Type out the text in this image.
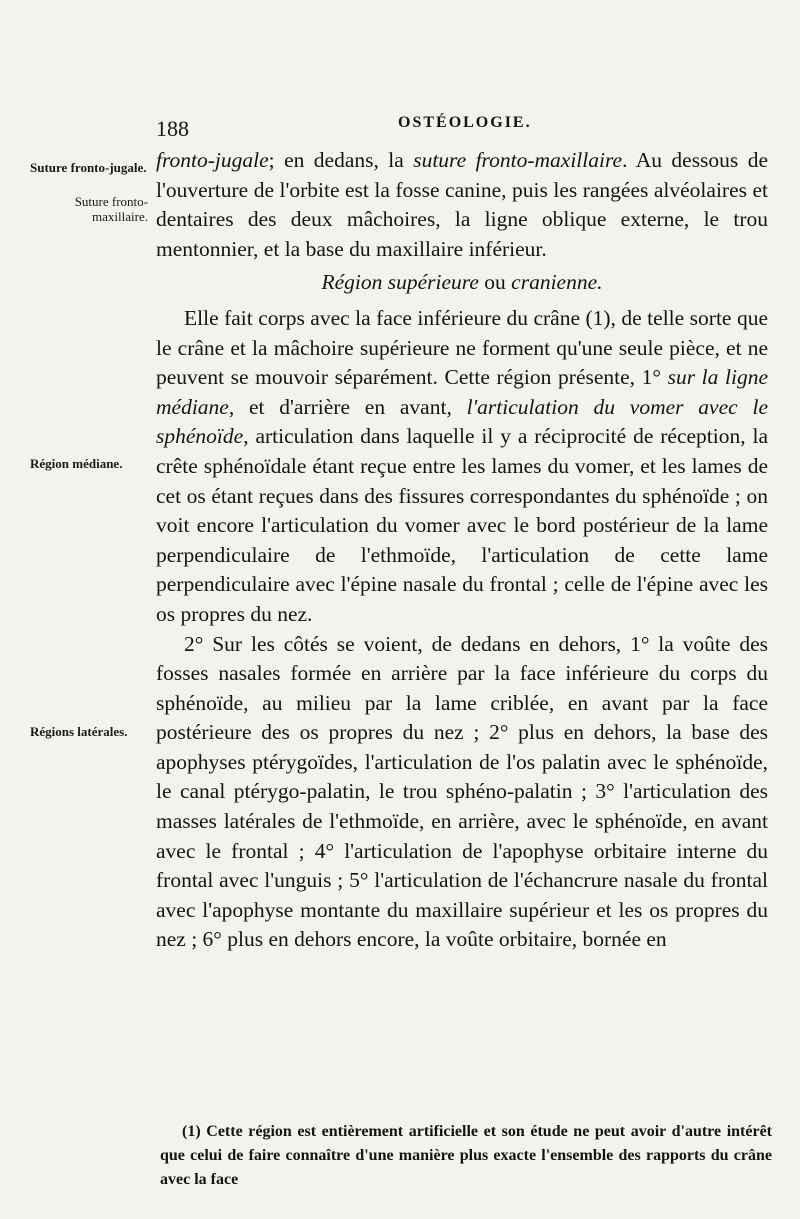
188	OSTÉOLOGIE.
Suture fronto-jugale.
Suture fronto-maxillaire.
Région médiane.
Régions latérales.

fronto-jugale; en dedans, la suture fronto-maxillaire. Au dessous de l'ouverture de l'orbite est la fosse canine, puis les rangées alvéolaires et dentaires des deux mâchoires, la ligne oblique externe, le trou mentonnier, et la base du maxillaire inférieur.

Région supérieure ou cranienne.

Elle fait corps avec la face inférieure du crâne (1), de telle sorte que le crâne et la mâchoire supérieure ne forment qu'une seule pièce, et ne peuvent se mouvoir séparément. Cette région présente, 1° sur la ligne médiane, et d'arrière en avant, l'articulation du vomer avec le sphénoïde, articulation dans laquelle il y a réciprocité de réception, la crête sphénoïdale étant reçue entre les lames du vomer, et les lames de cet os étant reçues dans des fissures correspondantes du sphénoïde ; on voit encore l'articulation du vomer avec le bord postérieur de la lame perpendiculaire de l'ethmoïde, l'articulation de cette lame perpendiculaire avec l'épine nasale du frontal ; celle de l'épine avec les os propres du nez.

2° Sur les côtés se voient, de dedans en dehors, 1° la voûte des fosses nasales formée en arrière par la face inférieure du corps du sphénoïde, au milieu par la lame criblée, en avant par la face postérieure des os propres du nez ; 2° plus en dehors, la base des apophyses ptérygoïdes, l'articulation de l'os palatin avec le sphénoïde, le canal ptérygo-palatin, le trou sphéno-palatin ; 3° l'articulation des masses latérales de l'ethmoïde, en arrière, avec le sphénoïde, en avant avec le frontal ; 4° l'articulation de l'apophyse orbitaire interne du frontal avec l'unguis ; 5° l'articulation de l'échancrure nasale du frontal avec l'apophyse montante du maxillaire supérieur et les os propres du nez ; 6° plus en dehors encore, la voûte orbitaire, bornée en

(1) Cette région est entièrement artificielle et son étude ne peut avoir d'autre intérêt que celui de faire connaître d'une manière plus exacte l'ensemble des rapports du crâne avec la face
